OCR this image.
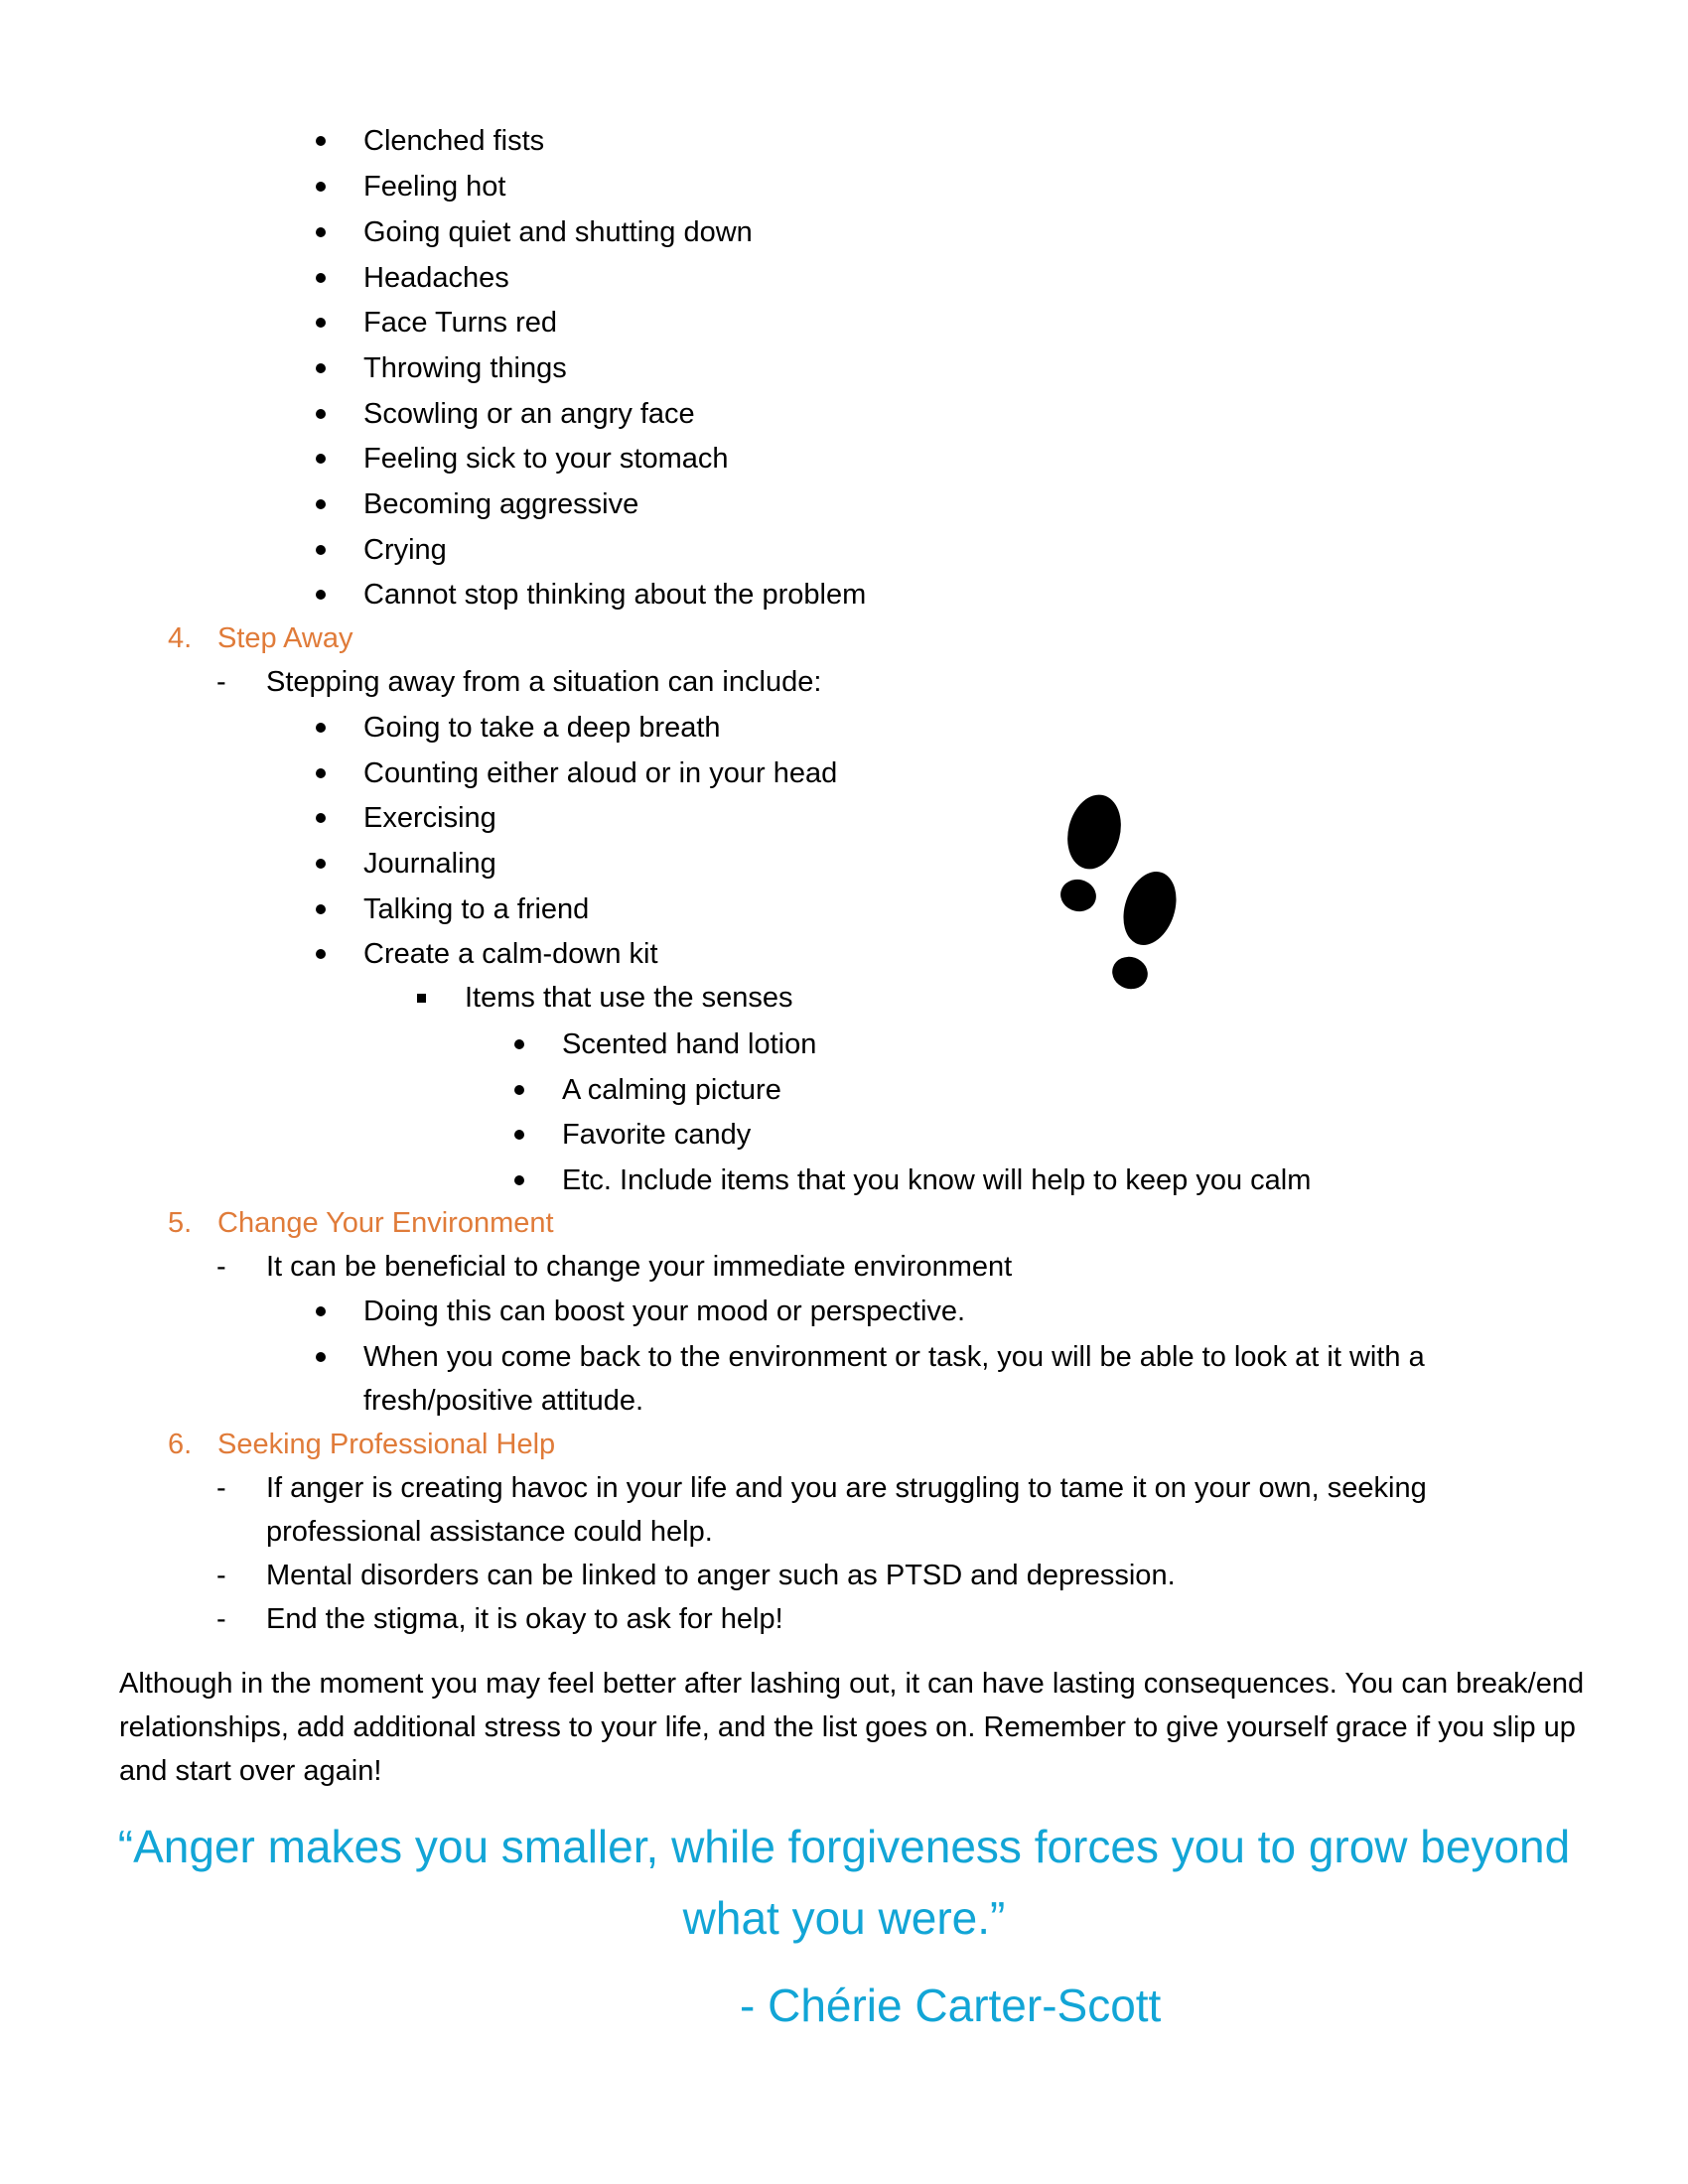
Clenched fists
Feeling hot
Going quiet and shutting down
Headaches
Face Turns red
Throwing things
Scowling or an angry face
Feeling sick to your stomach
Becoming aggressive
Crying
Cannot stop thinking about the problem
4. Step Away
- Stepping away from a situation can include:
Going to take a deep breath
Counting either aloud or in your head
Exercising
Journaling
Talking to a friend
Create a calm-down kit
Items that use the senses
Scented hand lotion
A calming picture
Favorite candy
Etc. Include items that you know will help to keep you calm
5. Change Your Environment
- It can be beneficial to change your immediate environment
Doing this can boost your mood or perspective.
When you come back to the environment or task, you will be able to look at it with a
fresh/positive attitude.
6. Seeking Professional Help
- If anger is creating havoc in your life and you are struggling to tame it on your own, seeking
professional assistance could help.
- Mental disorders can be linked to anger such as PTSD and depression.
- End the stigma, it is okay to ask for help!
Although in the moment you may feel better after lashing out, it can have lasting consequences. You can break/end relationships, add additional stress to your life, and the list goes on. Remember to give yourself grace if you slip up and start over again!
“Anger makes you smaller, while forgiveness forces you to grow beyond what you were.”
- Chérie Carter-Scott
